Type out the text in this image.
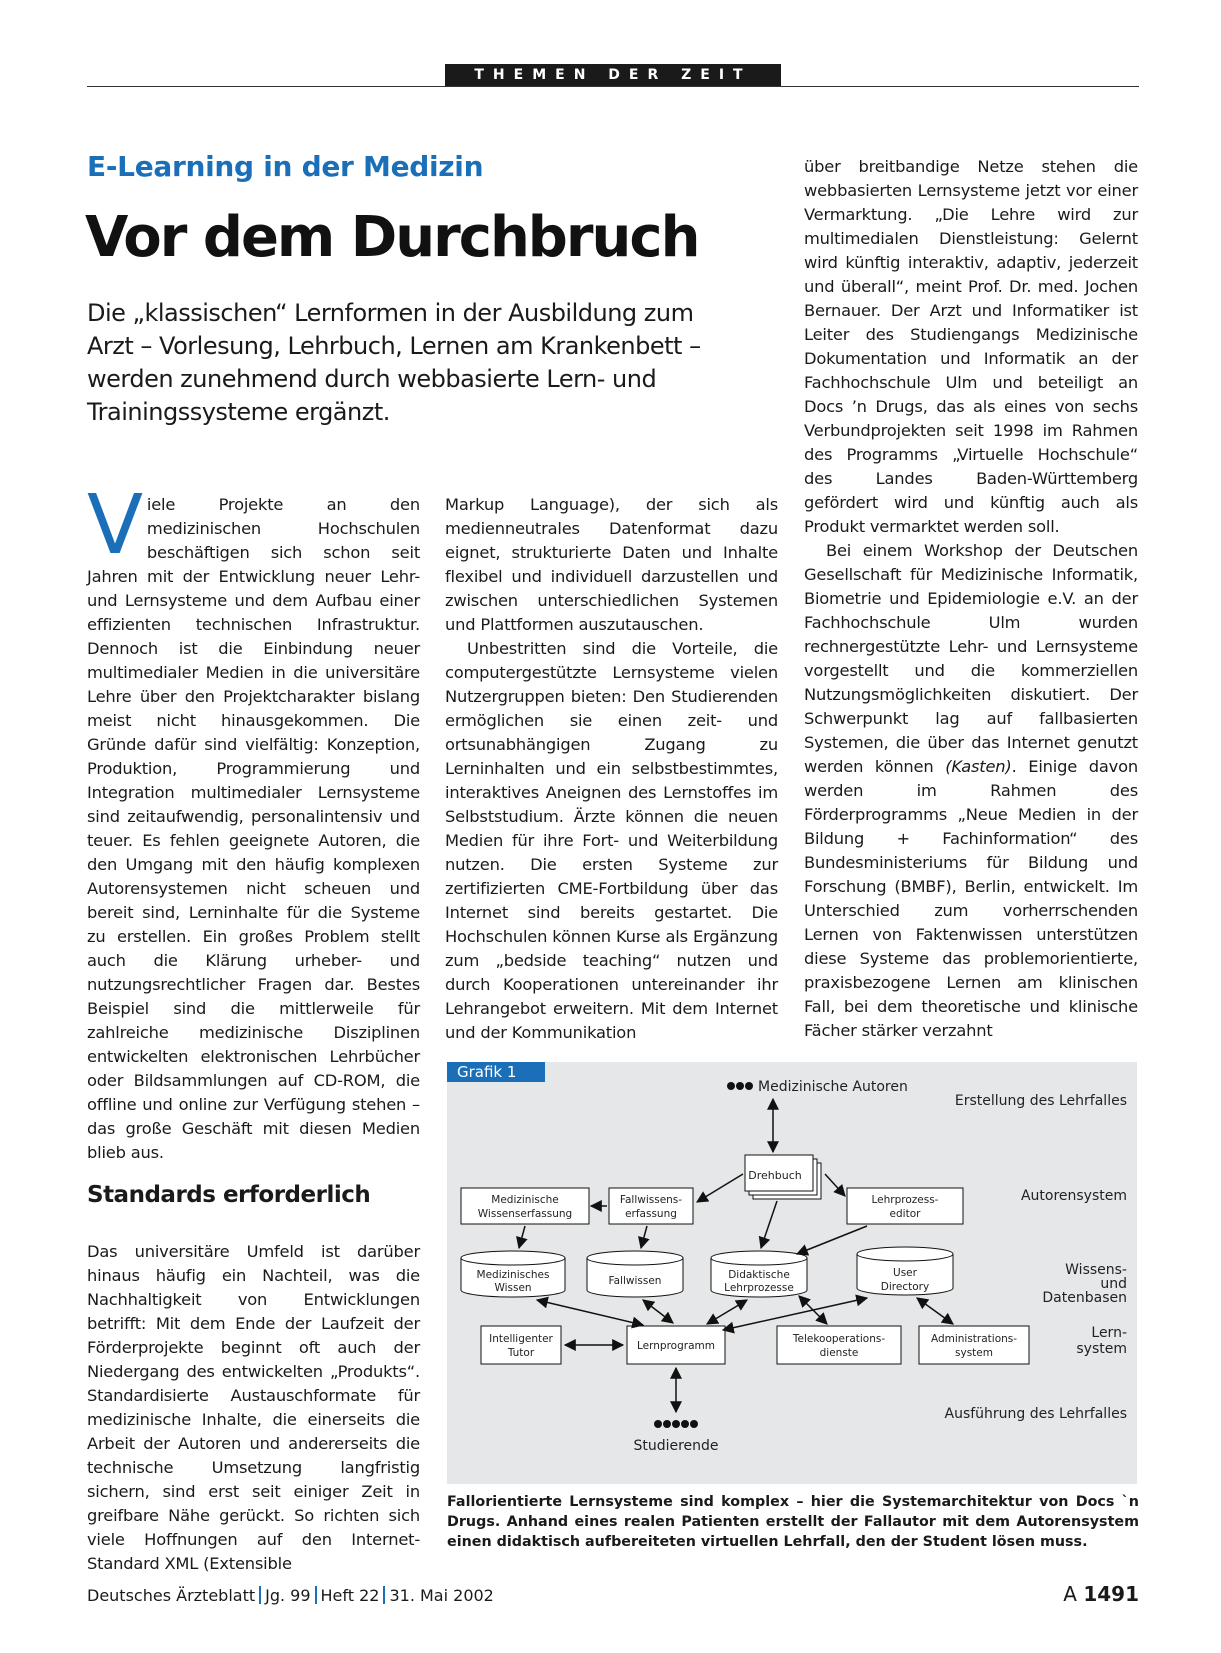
THEMEN DER ZEIT
E-Learning in der Medizin
Vor dem Durchbruch
Die „klassischen“ Lernformen in der Ausbildung zum Arzt – Vorlesung, Lehrbuch, Lernen am Krankenbett – werden zunehmend durch webbasierte Lern- und Trainingssysteme ergänzt.

Viele Projekte an den medizinischen Hochschulen beschäftigen sich schon seit Jahren mit der Entwicklung neuer Lehr- und Lernsysteme und dem Aufbau einer effizienten technischen Infrastruktur. Dennoch ist die Einbindung neuer multimedialer Medien in die universitäre Lehre über den Projektcharakter bislang meist nicht hinausgekommen. Die Gründe dafür sind vielfältig: Konzeption, Produktion, Programmierung und Integration multimedialer Lernsysteme sind zeitaufwendig, personalintensiv und teuer. Es fehlen geeignete Autoren, die den Umgang mit den häufig komplexen Autorensystemen nicht scheuen und bereit sind, Lerninhalte für die Systeme zu erstellen. Ein großes Problem stellt auch die Klärung urheber- und nutzungsrechtlicher Fragen dar. Bestes Beispiel sind die mittlerweile für zahlreiche medizinische Disziplinen entwickelten elektronischen Lehrbücher oder Bildsammlungen auf CD-ROM, die offline und online zur Verfügung stehen – das große Geschäft mit diesen Medien blieb aus.

Standards erforderlich

Das universitäre Umfeld ist darüber hinaus häufig ein Nachteil, was die Nachhaltigkeit von Entwicklungen betrifft: Mit dem Ende der Laufzeit der Förderprojekte beginnt oft auch der Niedergang des entwickelten „Produkts“. Standardisierte Austauschformate für medizinische Inhalte, die einerseits die Arbeit der Autoren und andererseits die technische Umsetzung langfristig sichern, sind erst seit einiger Zeit in greifbare Nähe gerückt. So richten sich viele Hoffnungen auf den Internet-Standard XML (Extensible

Markup Language), der sich als medienneutrales Datenformat dazu eignet, strukturierte Daten und Inhalte flexibel und individuell darzustellen und zwischen unterschiedlichen Systemen und Plattformen auszutauschen.

Unbestritten sind die Vorteile, die computergestützte Lernsysteme vielen Nutzergruppen bieten: Den Studierenden ermöglichen sie einen zeit- und ortsunabhängigen Zugang zu Lerninhalten und ein selbstbestimmtes, interaktives Aneignen des Lernstoffes im Selbststudium. Ärzte können die neuen Medien für ihre Fort- und Weiterbildung nutzen. Die ersten Systeme zur zertifizierten CME-Fortbildung über das Internet sind bereits gestartet. Die Hochschulen können Kurse als Ergänzung zum „bedside teaching“ nutzen und durch Kooperationen untereinander ihr Lehrangebot erweitern. Mit dem Internet und der Kommunikation

über breitbandige Netze stehen die webbasierten Lernsysteme jetzt vor einer Vermarktung. „Die Lehre wird zur multimedialen Dienstleistung: Gelernt wird künftig interaktiv, adaptiv, jederzeit und überall“, meint Prof. Dr. med. Jochen Bernauer. Der Arzt und Informatiker ist Leiter des Studiengangs Medizinische Dokumentation und Informatik an der Fachhochschule Ulm und beteiligt an Docs ’n Drugs, das als eines von sechs Verbundprojekten seit 1998 im Rahmen des Programms „Virtuelle Hochschule“ des Landes Baden-Württemberg gefördert wird und künftig auch als Produkt vermarktet werden soll.

Bei einem Workshop der Deutschen Gesellschaft für Medizinische Informatik, Biometrie und Epidemiologie e.V. an der Fachhochschule Ulm wurden rechnergestützte Lehr- und Lernsysteme vorgestellt und die kommerziellen Nutzungsmöglichkeiten diskutiert. Der Schwerpunkt lag auf fallbasierten Systemen, die über das Internet genutzt werden können (Kasten). Einige davon werden im Rahmen des Förderprogramms „Neue Medien in der Bildung + Fachinformation“ des Bundesministeriums für Bildung und Forschung (BMBF), Berlin, entwickelt. Im Unterschied zum vorherrschenden Lernen von Faktenwissen unterstützen diese Systeme das problemorientierte, praxisbezogene Lernen am klinischen Fall, bei dem theoretische und klinische Fächer stärker verzahnt

Medizinische Autoren
Drehbuch
Medizinische
Wissenserfassung
Fallwissens-
erfassung
Lehrprozess-
editor
Medizinisches
Wissen
Fallwissen	Didaktische
Lehrprozesse
User
Directory
Intelligenter
Tutor
Lernprogramm
Telekooperations-
dienste
Administrations-
system
Studierende
Erstellung des Lehrfalles
Autorensystem
Wissens-
und
Datenbasen
Lern-
system
Ausführung des Lehrfalles
Grafik 1
Fallorientierte Lernsysteme sind komplex – hier die Systemarchitektur von Docs `n Drugs. Anhand eines realen Patienten erstellt der Fallautor mit dem Autorensystem einen didaktisch aufbereiteten virtuellen Lehrfall, den der Student lösen muss.
Deutsches Ärzteblatt Jg. 99 Heft 22 31. Mai 2002	A 1491
